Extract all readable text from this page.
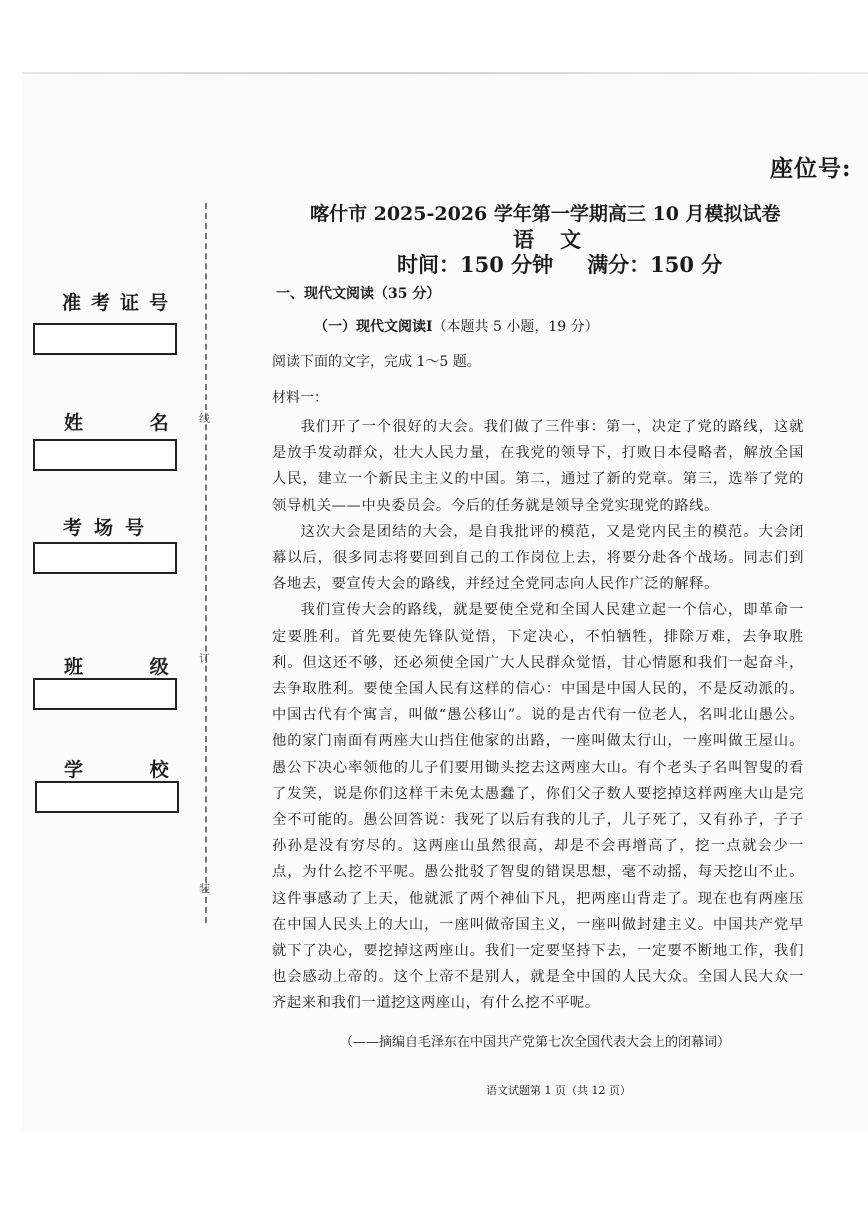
座位号:
准考证号
姓 名
考场号
班 级
学 校
线
订
装
喀什市 2025-2026 学年第一学期高三 10 月模拟试卷
语文
时间：150 分钟 满分：150 分
一、现代文阅读（35 分）
（一）现代文阅读Ⅰ（本题共 5 小题，19 分）
阅读下面的文字，完成 1～5 题。
材料一：

我们开了一个很好的大会。我们做了三件事：第一，决定了党的路线，这就是放手发动群众，壮大人民力量，在我党的领导下，打败日本侵略者，解放全国人民，建立一个新民主主义的中国。第二，通过了新的党章。第三，选举了党的领导机关——中央委员会。今后的任务就是领导全党实现党的路线。

这次大会是团结的大会，是自我批评的模范，又是党内民主的模范。大会闭幕以后，很多同志将要回到自己的工作岗位上去，将要分赴各个战场。同志们到各地去，要宣传大会的路线，并经过全党同志向人民作广泛的解释。

我们宣传大会的路线，就是要使全党和全国人民建立起一个信心，即革命一定要胜利。首先要使先锋队觉悟，下定决心，不怕牺牲，排除万难，去争取胜利。但这还不够，还必须使全国广大人民群众觉悟，甘心情愿和我们一起奋斗，去争取胜利。要使全国人民有这样的信心：中国是中国人民的，不是反动派的。中国古代有个寓言，叫做“愚公移山”。说的是古代有一位老人，名叫北山愚公。他的家门南面有两座大山挡住他家的出路，一座叫做太行山，一座叫做王屋山。愚公下决心率领他的儿子们要用锄头挖去这两座大山。有个老头子名叫智叟的看了发笑，说是你们这样干未免太愚蠢了，你们父子数人要挖掉这样两座大山是完全不可能的。愚公回答说：我死了以后有我的儿子，儿子死了，又有孙子，子子孙孙是没有穷尽的。这两座山虽然很高，却是不会再增高了，挖一点就会少一点，为什么挖不平呢。愚公批驳了智叟的错误思想，毫不动摇，每天挖山不止。这件事感动了上天，他就派了两个神仙下凡，把两座山背走了。现在也有两座压在中国人民头上的大山，一座叫做帝国主义，一座叫做封建主义。中国共产党早就下了决心，要挖掉这两座山。我们一定要坚持下去，一定要不断地工作，我们也会感动上帝的。这个上帝不是别人，就是全中国的人民大众。全国人民大众一齐起来和我们一道挖这两座山，有什么挖不平呢。

（——摘编自毛泽东在中国共产党第七次全国代表大会上的闭幕词）
语文试题第 1 页（共 12 页）
